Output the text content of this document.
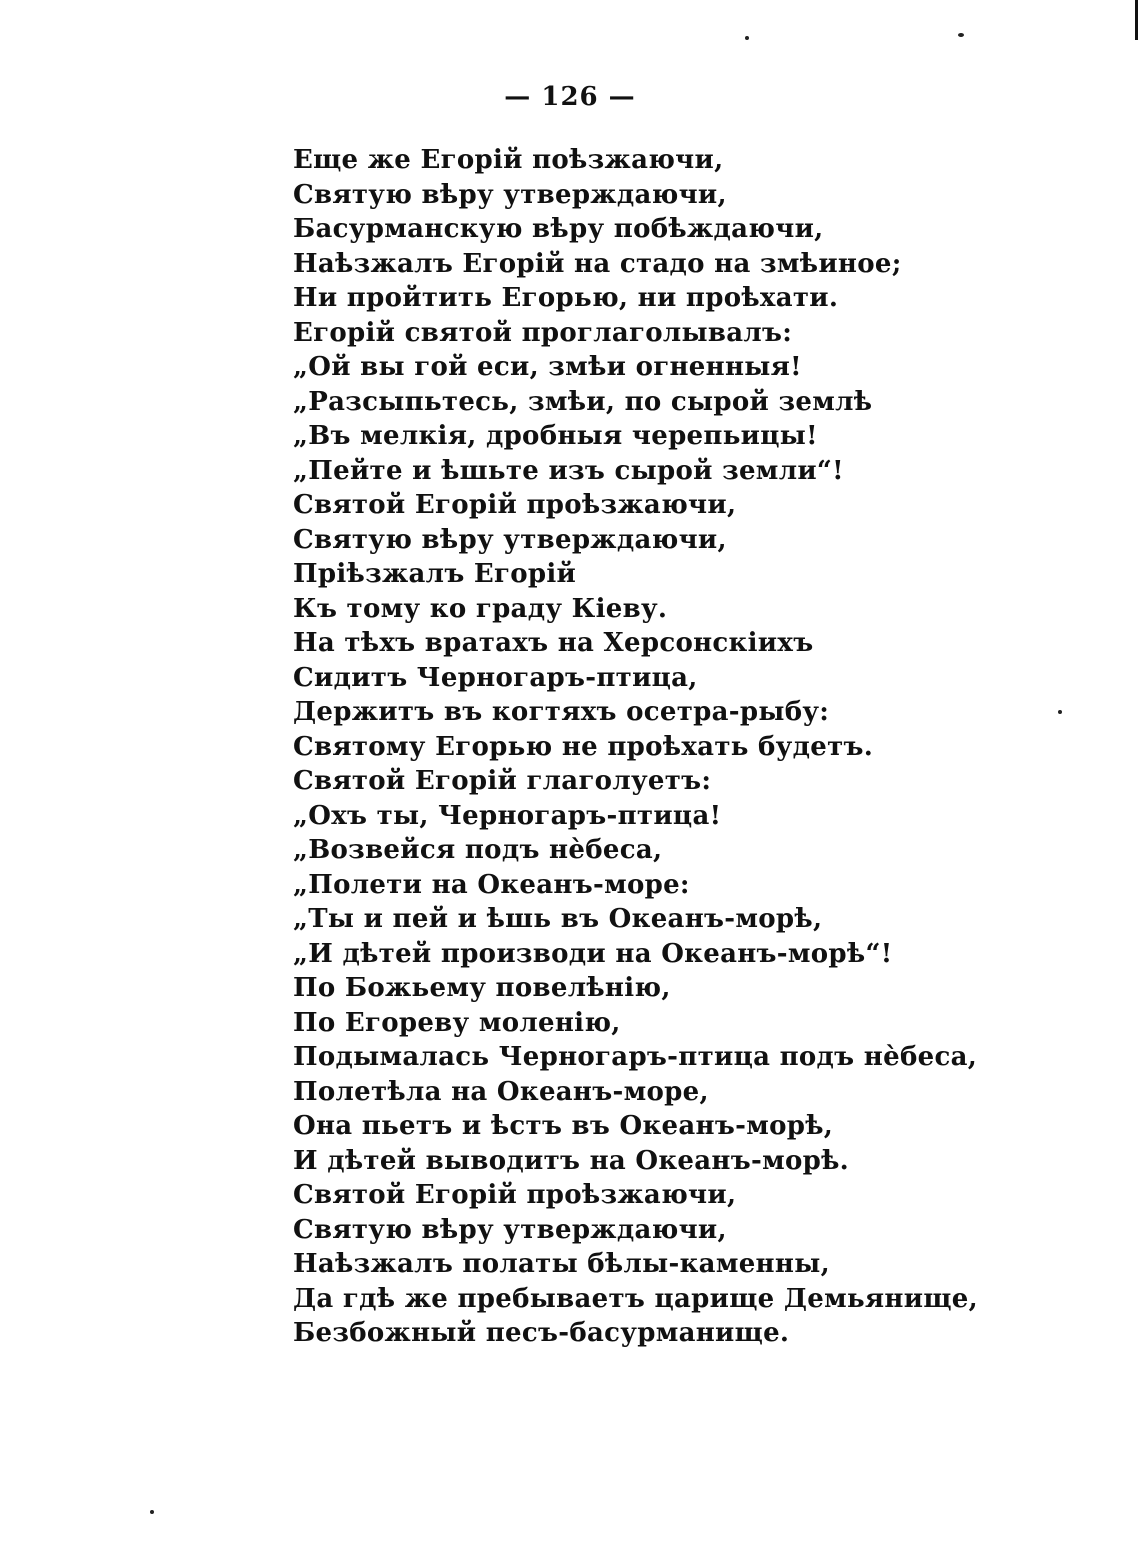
— 126 —
Еще же Егорій поѣзжаючи,
Святую вѣру утверждаючи,
Басурманскую вѣру побѣждаючи,
Наѣзжалъ Егорій на стадо на змѣиное;
Ни пройтить Егорью, ни проѣхати.
Егорій святой проглаголывалъ:
„Ой вы гой еси, змѣи огненныя!
„Разсыпьтесь, змѣи, по сырой землѣ
„Въ мелкія, дробныя черепьицы!
„Пейте и ѣшьте изъ сырой земли“!
Святой Егорій проѣзжаючи,
Святую вѣру утверждаючи,
Пріѣзжалъ Егорій
Къ тому ко граду Кіеву.
На тѣхъ вратахъ на Херсонскіихъ
Сидитъ Черногаръ-птица,
Держитъ въ когтяхъ осетра-рыбу:
Святому Егорью не проѣхать будетъ.
Святой Егорій глаголуетъ:
„Охъ ты, Черногаръ-птица!
„Возвейся подъ нѐбеса,
„Полети на Океанъ-море:
„Ты и пей и ѣшь въ Океанъ-морѣ,
„И дѣтей производи на Океанъ-морѣ“!
По Божьему повелѣнію,
По Егореву моленію,
Подымалась Черногаръ-птица подъ нѐбеса,
Полетѣла на Океанъ-море,
Она пьетъ и ѣстъ въ Океанъ-морѣ,
И дѣтей выводитъ на Океанъ-морѣ.
Святой Егорій проѣзжаючи,
Святую вѣру утверждаючи,
Наѣзжалъ полаты бѣлы-каменны,
Да гдѣ же пребываетъ царище Демьянище,
Безбожный песъ-басурманище.
